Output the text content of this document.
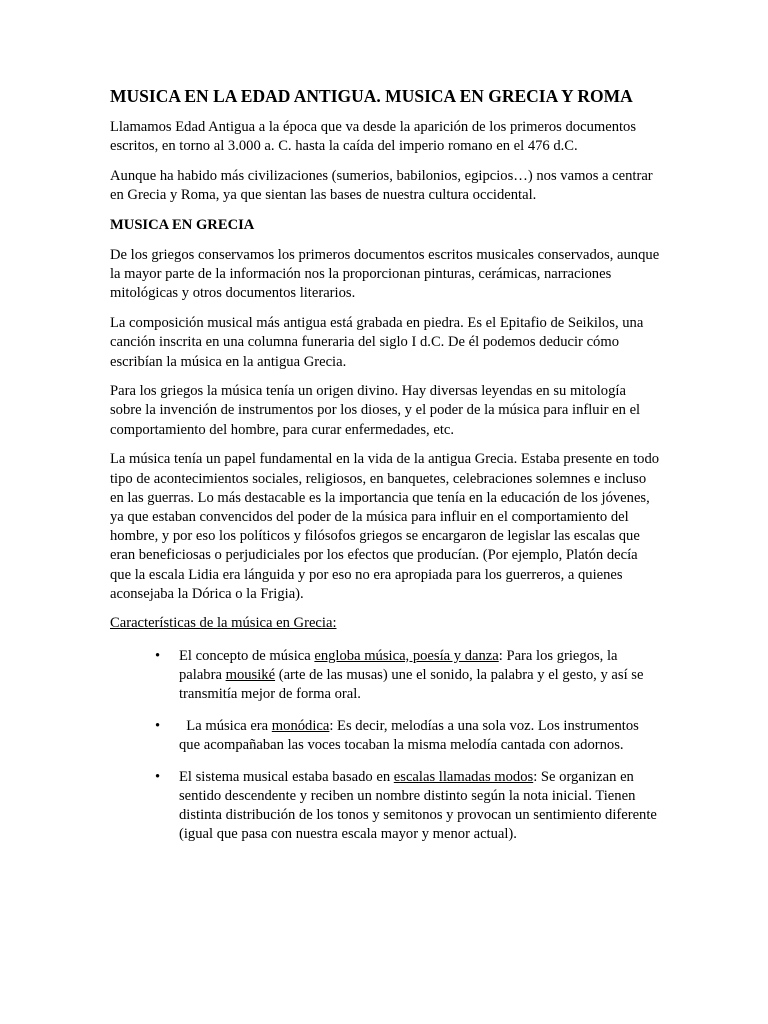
MUSICA EN LA EDAD ANTIGUA. MUSICA EN GRECIA Y ROMA

Llamamos Edad Antigua a la época que va desde la aparición de los primeros documentos escritos, en torno al 3.000 a. C. hasta la caída del imperio romano en el 476 d.C.

Aunque ha habido más civilizaciones (sumerios, babilonios, egipcios…) nos vamos a centrar en Grecia y Roma, ya que sientan las bases de nuestra cultura occidental.

MUSICA EN GRECIA

De los griegos conservamos los primeros documentos escritos musicales conservados, aunque la mayor parte de la información nos la proporcionan pinturas, cerámicas, narraciones mitológicas y otros documentos literarios.

La composición musical más antigua está grabada en piedra. Es el Epitafio de Seikilos, una canción inscrita en una columna funeraria del siglo I d.C. De él podemos deducir cómo escribían la música en la antigua Grecia.

Para los griegos la música tenía un origen divino. Hay diversas leyendas en su mitología sobre la invención de instrumentos por los dioses, y el poder de la música para influir en el comportamiento del hombre, para curar enfermedades, etc.

La música tenía un papel fundamental en la vida de la antigua Grecia. Estaba presente en todo tipo de acontecimientos sociales, religiosos, en banquetes, celebraciones solemnes e incluso en las guerras. Lo más destacable es la importancia que tenía en la educación de los jóvenes, ya que estaban convencidos del poder de la música para influir en el comportamiento del hombre, y por eso los políticos y filósofos griegos se encargaron de legislar las escalas que eran beneficiosas o perjudiciales por los efectos que producían. (Por ejemplo, Platón decía que la escala Lidia era lánguida y por eso no era apropiada para los guerreros, a quienes aconsejaba la Dórica o la Frigia).

Características de la música en Grecia:
• El concepto de música engloba música, poesía y danza: Para los griegos, la palabra mousiké (arte de las musas) une el sonido, la palabra y el gesto, y así se transmitía mejor de forma oral.
• La música era monódica: Es decir, melodías a una sola voz. Los instrumentos que acompañaban las voces tocaban la misma melodía cantada con adornos.
• El sistema musical estaba basado en escalas llamadas modos: Se organizan en sentido descendente y reciben un nombre distinto según la nota inicial. Tienen distinta distribución de los tonos y semitonos y provocan un sentimiento diferente (igual que pasa con nuestra escala mayor y menor actual).
